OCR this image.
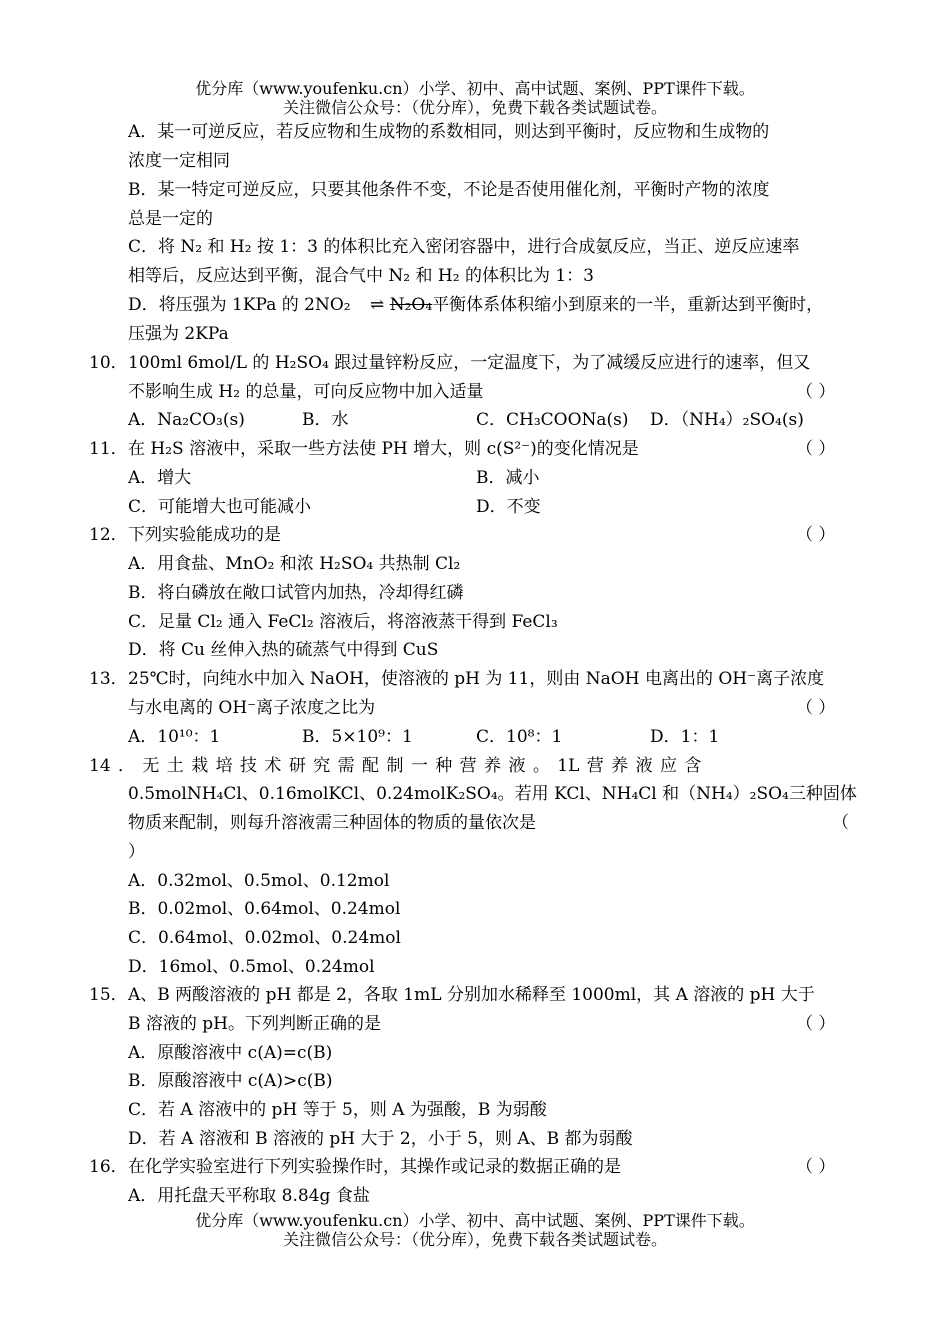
优分库（www.youfenku.cn）小学、初中、高中试题、案例、PPT课件下载。
关注微信公众号：（优分库），免费下载各类试题试卷。
A．某一可逆反应，若反应物和生成物的系数相同，则达到平衡时，反应物和生成物的
浓度一定相同
B．某一特定可逆反应，只要其他条件不变，不论是否使用催化剂，平衡时产物的浓度
总是一定的
C．将 N₂ 和 H₂ 按 1：3 的体积比充入密闭容器中，进行合成氨反应，当正、逆反应速率
相等后，反应达到平衡，混合气中 N₂ 和 H₂ 的体积比为 1：3
D．将压强为 1KPa 的 2NO₂ ⇌ N₂O₄平衡体系体积缩小到原来的一半，重新达到平衡时，
压强为 2KPa
10． 100ml 6mol/L 的 H₂SO₄ 跟过量锌粉反应，一定温度下，为了减缓反应进行的速率，但又
不影响生成 H₂ 的总量，可向反应物中加入适量	（ ）
A．Na₂CO₃(s)	B．水	C．CH₃COONa(s) D．（NH₄）₂SO₄(s)
11． 在 H₂S 溶液中，采取一些方法使 PH 增大，则 c(S²⁻)的变化情况是	（ ）
A．增大	B．减小
C．可能增大也可能减小	D．不变
12． 下列实验能成功的是	（ ）
A．用食盐、MnO₂ 和浓 H₂SO₄ 共热制 Cl₂
B．将白磷放在敞口试管内加热，冷却得红磷
C．足量 Cl₂ 通入 FeCl₂ 溶液后，将溶液蒸干得到 FeCl₃
D．将 Cu 丝伸入热的硫蒸气中得到 CuS
13． 25℃时，向纯水中加入 NaOH，使溶液的 pH 为 11，则由 NaOH 电离出的 OH⁻离子浓度
与水电离的 OH⁻离子浓度之比为	（ ）
A．10¹⁰：1	B．5×10⁹：1	C．10⁸：1	D．1：1
14 ． 无 土 栽 培 技 术 研 究 需 配 制 一 种 营 养 液 。 1L 营 养 液 应 含
0.5molNH₄Cl、0.16molKCl、0.24molK₂SO₄。若用 KCl、NH₄Cl 和（NH₄）₂SO₄三种固体
物质来配制，则每升溶液需三种固体的物质的量依次是	（
）
A．0.32mol、0.5mol、0.12mol
B．0.02mol、0.64mol、0.24mol
C．0.64mol、0.02mol、0.24mol
D．16mol、0.5mol、0.24mol
15． A、B 两酸溶液的 pH 都是 2，各取 1mL 分别加水稀释至 1000ml，其 A 溶液的 pH 大于
B 溶液的 pH。下列判断正确的是	（ ）
A．原酸溶液中 c(A)=c(B)
B．原酸溶液中 c(A)>c(B)
C．若 A 溶液中的 pH 等于 5，则 A 为强酸，B 为弱酸
D．若 A 溶液和 B 溶液的 pH 大于 2，小于 5，则 A、B 都为弱酸
16． 在化学实验室进行下列实验操作时，其操作或记录的数据正确的是	（ ）
A．用托盘天平称取 8.84g 食盐
优分库（www.youfenku.cn）小学、初中、高中试题、案例、PPT课件下载。
关注微信公众号：（优分库），免费下载各类试题试卷。
